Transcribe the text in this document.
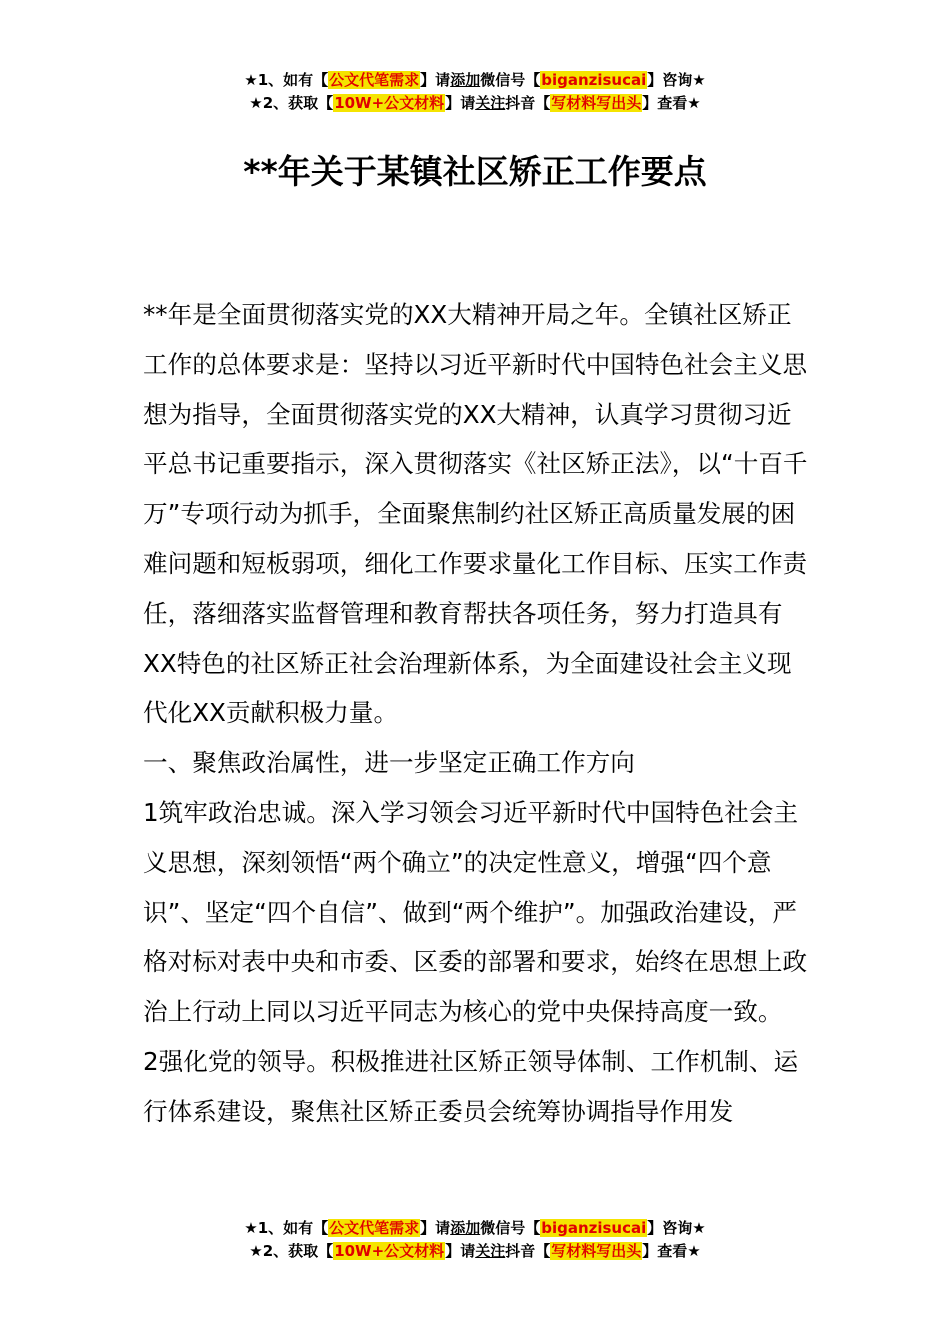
★1、如有【公文代笔需求】请添加微信号【biganzisucai】咨询★
★2、获取【10W+公文材料】请关注抖音【写材料写出头】查看★
**年关于某镇社区矫正工作要点

**年是全面贯彻落实党的XX大精神开局之年。全镇社区矫正工作的总体要求是：坚持以习近平新时代中国特色社会主义思想为指导，全面贯彻落实党的XX大精神，认真学习贯彻习近平总书记重要指示，深入贯彻落实《社区矫正法》，以“十百千万”专项行动为抓手，全面聚焦制约社区矫正高质量发展的困难问题和短板弱项，细化工作要求量化工作目标、压实工作责任，落细落实监督管理和教育帮扶各项任务，努力打造具有XX特色的社区矫正社会治理新体系，为全面建设社会主义现代化XX贡献积极力量。

一、聚焦政治属性，进一步坚定正确工作方向

1筑牢政治忠诚。深入学习领会习近平新时代中国特色社会主义思想，深刻领悟“两个确立”的决定性意义，增强“四个意识”、坚定“四个自信”、做到“两个维护”。加强政治建设，严格对标对表中央和市委、区委的部署和要求，始终在思想上政治上行动上同以习近平同志为核心的党中央保持高度一致。

2强化党的领导。积极推进社区矫正领导体制、工作机制、运行体系建设，聚焦社区矫正委员会统筹协调指导作用发

★1、如有【公文代笔需求】请添加微信号【biganzisucai】咨询★
★2、获取【10W+公文材料】请关注抖音【写材料写出头】查看★
